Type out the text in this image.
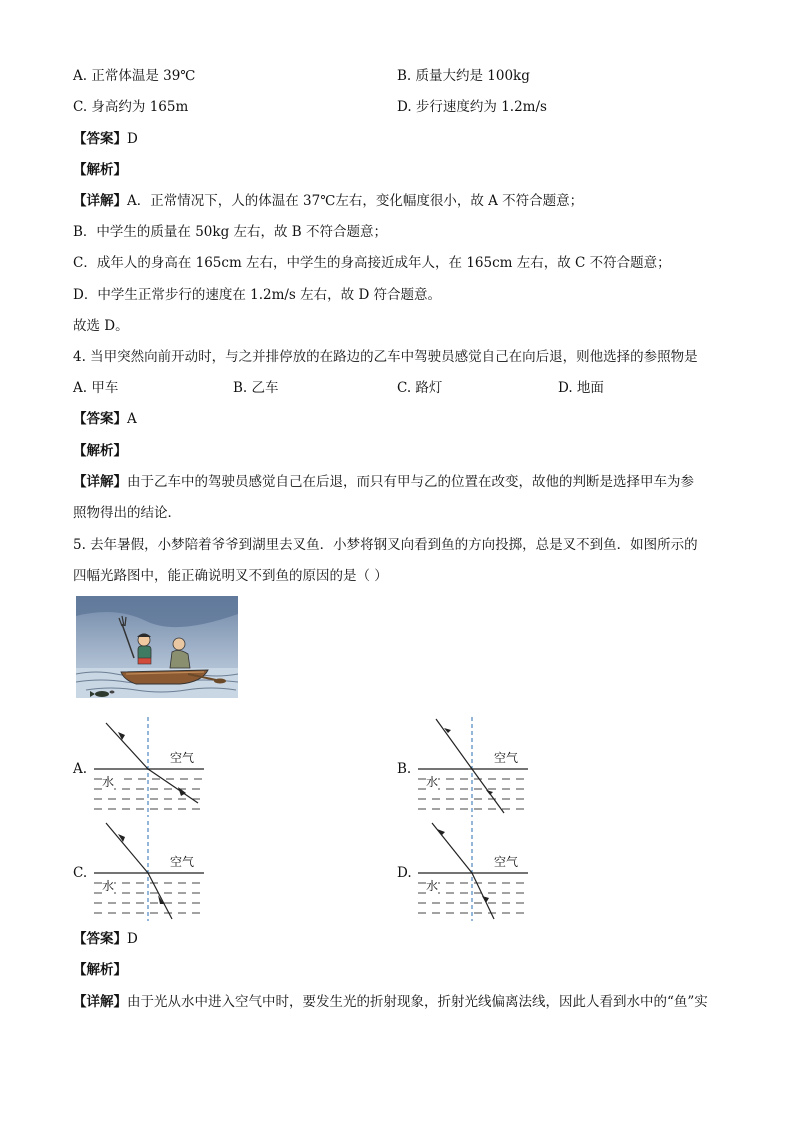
A. 正常体温是 39℃	B. 质量大约是 100kg
C. 身高约为 165m	D. 步行速度约为 1.2m/s
【答案】D
【解析】
【详解】A．正常情况下，人的体温在 37℃左右，变化幅度很小，故 A 不符合题意；
B．中学生的质量在 50kg 左右，故 B 不符合题意；
C．成年人的身高在 165cm 左右，中学生的身高接近成年人，在 165cm 左右，故 C 不符合题意；
D．中学生正常步行的速度在 1.2m/s 左右，故 D 符合题意。
故选 D。
4. 当甲突然向前开动时，与之并排停放的在路边的乙车中驾驶员感觉自己在向后退，则他选择的参照物是
A. 甲车	B. 乙车	C. 路灯	D. 地面
【答案】A
【解析】
【详解】由于乙车中的驾驶员感觉自己在后退，而只有甲与乙的位置在改变，故他的判断是选择甲车为参
照物得出的结论．
5. 去年暑假，小梦陪着爷爷到湖里去叉鱼．小梦将钢叉向看到鱼的方向投掷，总是叉不到鱼．如图所示的
四幅光路图中，能正确说明叉不到鱼的原因的是（ ）
A.
空气
水
B.
空气
水
C.
空气
水
D.
空气
水
【答案】D
【解析】
【详解】由于光从水中进入空气中时，要发生光的折射现象，折射光线偏离法线，因此人看到水中的“鱼”实
